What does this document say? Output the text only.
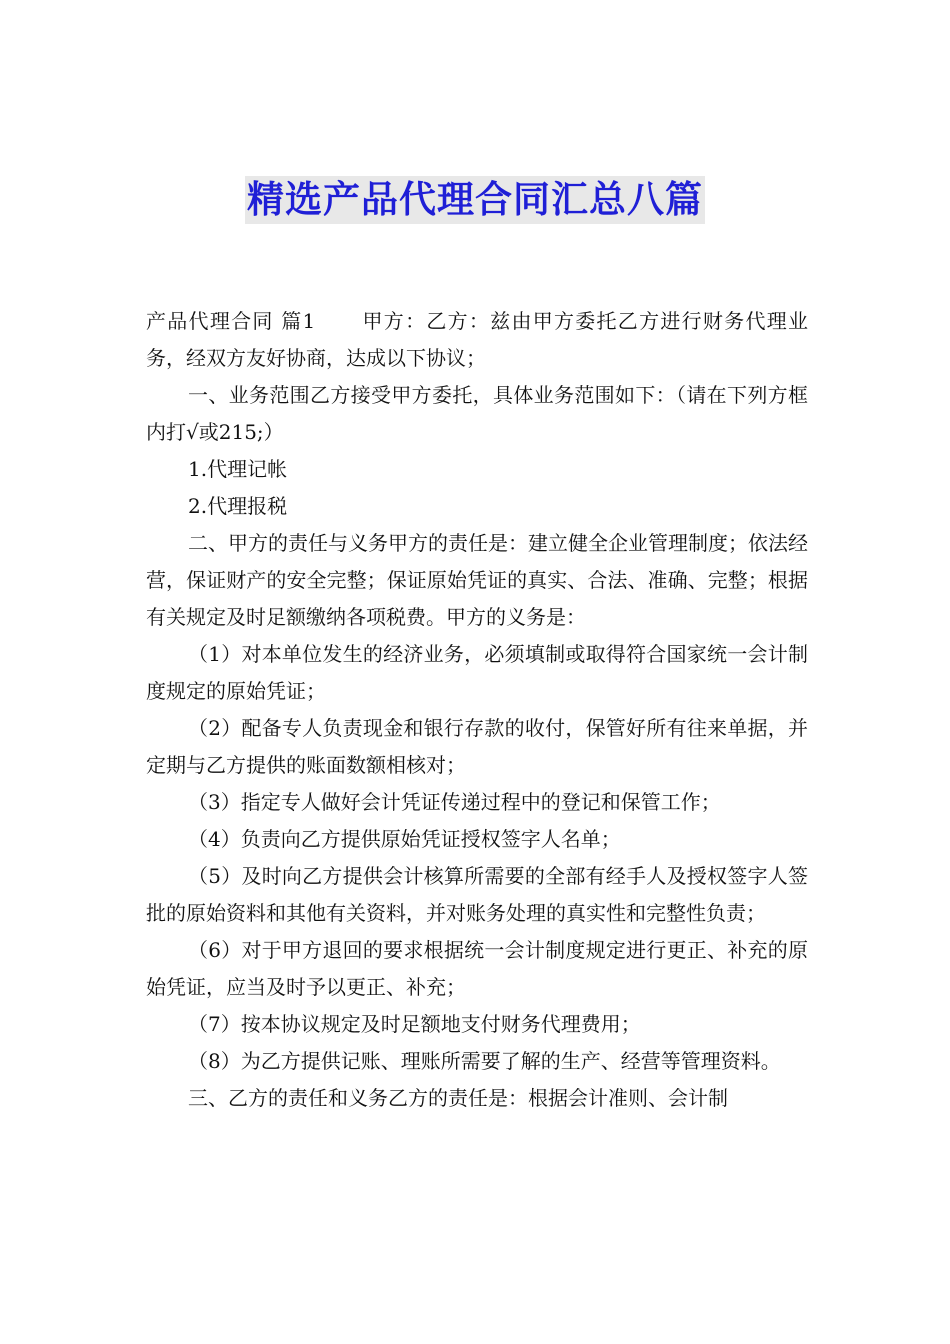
精选产品代理合同汇总八篇

产品代理合同 篇1 甲方：乙方：兹由甲方委托乙方进行财务代理业务，经双方友好协商，达成以下协议；

一、业务范围乙方接受甲方委托，具体业务范围如下：（请在下列方框内打√或215;）

1.代理记帐

2.代理报税

二、甲方的责任与义务甲方的责任是：建立健全企业管理制度；依法经营，保证财产的安全完整；保证原始凭证的真实、合法、准确、完整；根据有关规定及时足额缴纳各项税费。甲方的义务是：

（1）对本单位发生的经济业务，必须填制或取得符合国家统一会计制度规定的原始凭证；

（2）配备专人负责现金和银行存款的收付，保管好所有往来单据，并定期与乙方提供的账面数额相核对；

（3）指定专人做好会计凭证传递过程中的登记和保管工作；

（4）负责向乙方提供原始凭证授权签字人名单；

（5）及时向乙方提供会计核算所需要的全部有经手人及授权签字人签批的原始资料和其他有关资料，并对账务处理的真实性和完整性负责；

（6）对于甲方退回的要求根据统一会计制度规定进行更正、补充的原始凭证，应当及时予以更正、补充；

（7）按本协议规定及时足额地支付财务代理费用；

（8）为乙方提供记账、理账所需要了解的生产、经营等管理资料。

三、乙方的责任和义务乙方的责任是：根据会计准则、会计制
